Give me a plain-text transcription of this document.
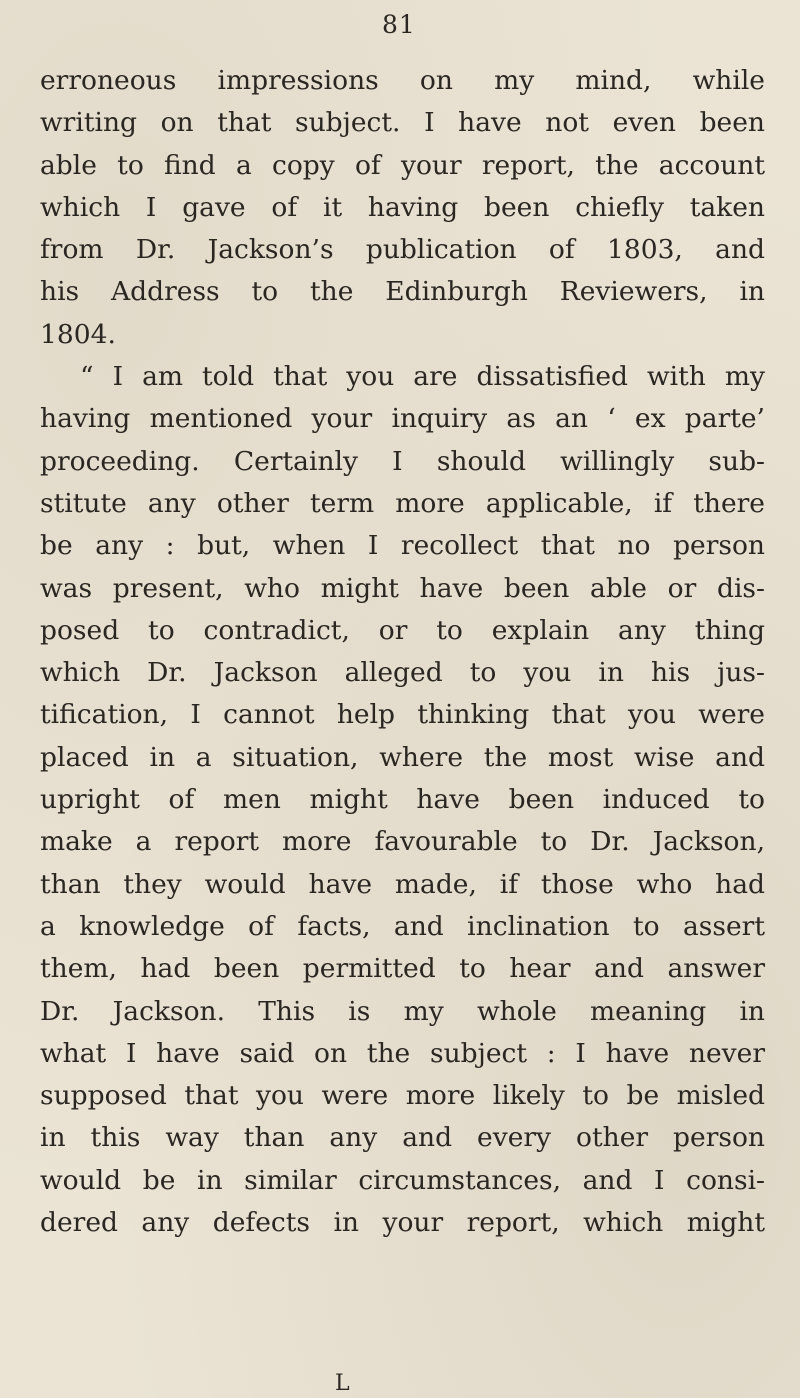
81
erroneous impressions on my mind, while
writing on that subject. I have not even been
able to find a copy of your report, the account
which I gave of it having been chiefly taken
from Dr. Jackson’s publication of 1803, and
his Address to the Edinburgh Reviewers, in
1804.
“ I am told that you are dissatisfied with my
having mentioned your inquiry as an ‘ ex parte’
proceeding. Certainly I should willingly sub-
stitute any other term more applicable, if there
be any : but, when I recollect that no person
was present, who might have been able or dis-
posed to contradict, or to explain any thing
which Dr. Jackson alleged to you in his jus-
tification, I cannot help thinking that you were
placed in a situation, where the most wise and
upright of men might have been induced to
make a report more favourable to Dr. Jackson,
than they would have made, if those who had
a knowledge of facts, and inclination to assert
them, had been permitted to hear and answer
Dr. Jackson. This is my whole meaning in
what I have said on the subject : I have never
supposed that you were more likely to be misled
in this way than any and every other person
would be in similar circumstances, and I consi-
dered any defects in your report, which might
L
